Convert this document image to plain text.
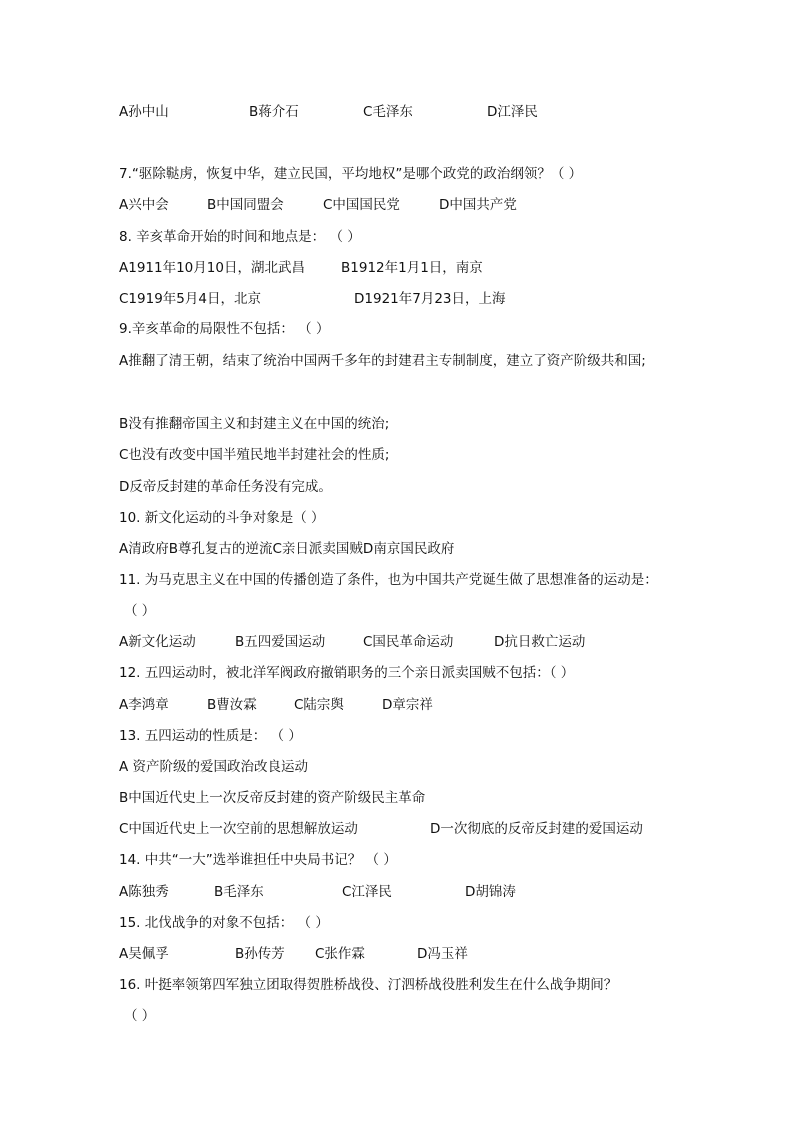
A孙中山	B蒋介石	C毛泽东	D江泽民
7.“驱除鞑虏，恢复中华，建立民国，平均地权”是哪个政党的政治纲领？（ ）
A兴中会	B中国同盟会	C中国国民党	D中国共产党
8. 辛亥革命开始的时间和地点是： （ ）
A1911年10月10日，湖北武昌	B1912年1月1日，南京
C1919年5月4日，北京	D1921年7月23日，上海
9.辛亥革命的局限性不包括： （ ）
A推翻了清王朝，结束了统治中国两千多年的封建君主专制制度，建立了资产阶级共和国;
B没有推翻帝国主义和封建主义在中国的统治;
C也没有改变中国半殖民地半封建社会的性质;
D反帝反封建的革命任务没有完成。
10. 新文化运动的斗争对象是（ ）
A清政府B尊孔复古的逆流C亲日派卖国贼D南京国民政府
11. 为马克思主义在中国的传播创造了条件，也为中国共产党诞生做了思想准备的运动是：
（ ）
A新文化运动	B五四爱国运动	C国民革命运动	D抗日救亡运动
12. 五四运动时，被北洋军阀政府撤销职务的三个亲日派卖国贼不包括：（ ）
A李鸿章	B曹汝霖	C陆宗舆	D章宗祥
13. 五四运动的性质是： （ ）
A 资产阶级的爱国政治改良运动
B中国近代史上一次反帝反封建的资产阶级民主革命
C中国近代史上一次空前的思想解放运动	D一次彻底的反帝反封建的爱国运动
14. 中共“一大”选举谁担任中央局书记？ （ ）
A陈独秀	B毛泽东	C江泽民	D胡锦涛
15. 北伐战争的对象不包括： （ ）
A吴佩孚	B孙传芳 C张作霖	D冯玉祥
16. 叶挺率领第四军独立团取得贺胜桥战役、汀泗桥战役胜利发生在什么战争期间？
（ ）
